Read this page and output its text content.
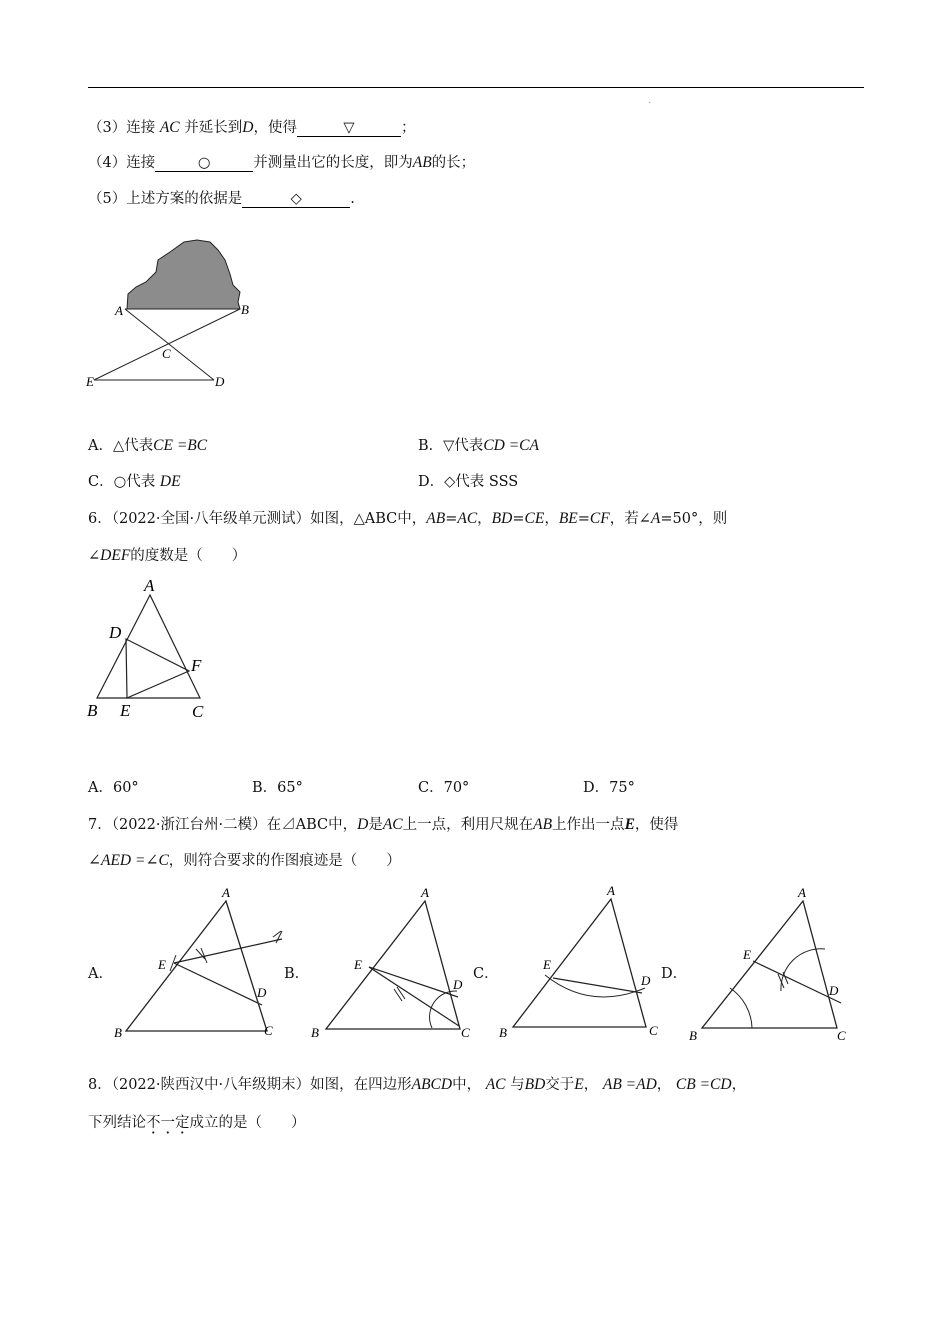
.
（3）连接 AC 并延长到D，使得	▽	；
（4）连接	○	并测量出它的长度，即为AB的长；
（5）上述方案的依据是	◇	.
A	B
C
D
E
A．△代表CE =BC	B．▽代表CD =CA
C．○代表 DE	D．◇代表 SSS
6．（2022·全国·八年级单元测试）如图，△ABC中，AB=AC，BD=CE，BE=CF，若∠A=50°，则
∠DEF的度数是（　　）
A
D
F
B E	C
A．60°	B．65°	C．70°	D．75°
7．（2022·浙江台州·二模）在⊿ABC中，D是AC上一点，利用尺规在AB上作出一点E，使得
∠AED =∠C，则符合要求的作图痕迹是（　　）
A．	B．	C．	D．
A
E
D
B	C
A
E
D
B	C
A
E
D
B	C
A
E
D
B	C
8．（2022·陕西汉中·八年级期末）如图，在四边形ABCD中， AC 与BD交于E， AB =AD， CB =CD，
下列结论不一定成立的是（　　）
